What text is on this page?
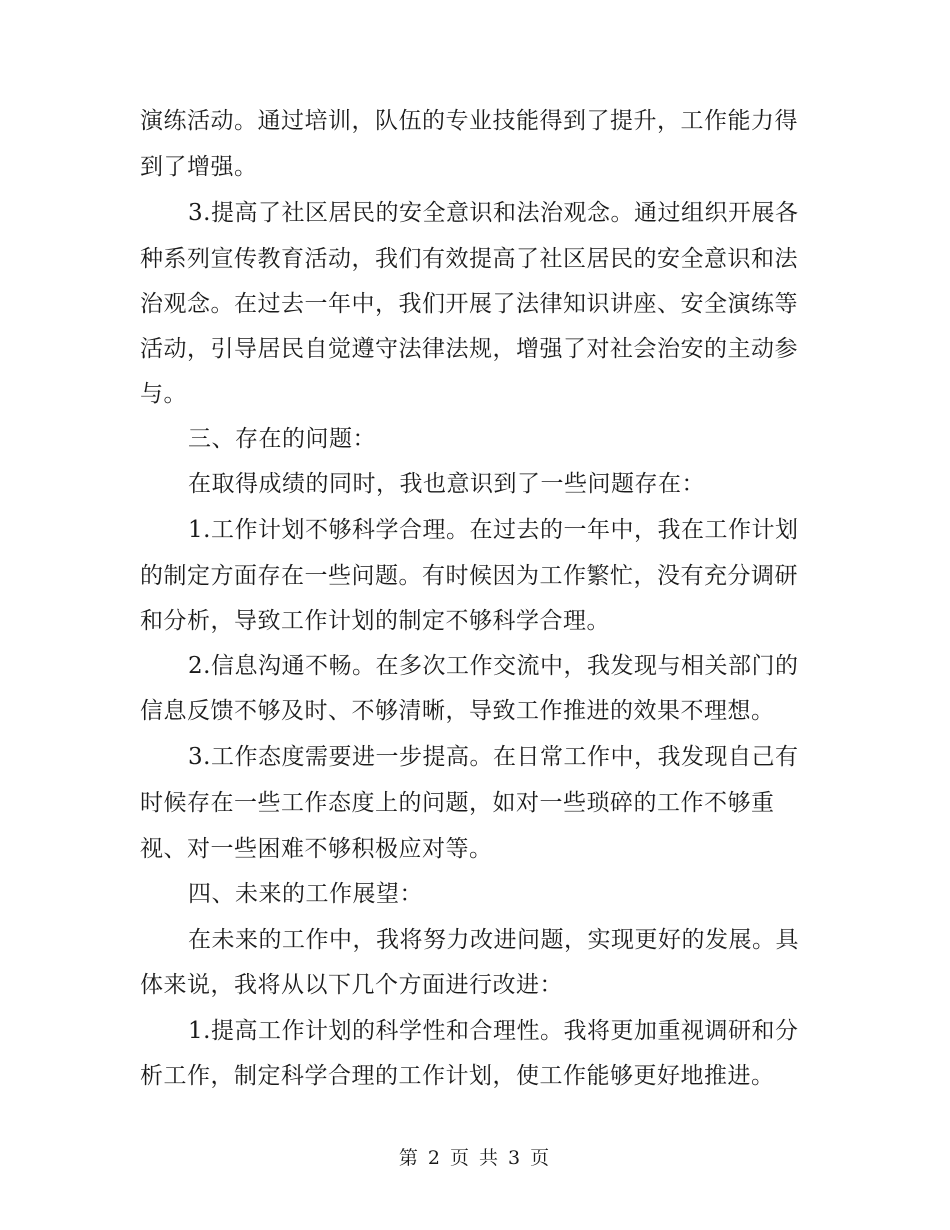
演练活动。通过培训，队伍的专业技能得到了提升，工作能力得
到了增强。
3.提高了社区居民的安全意识和法治观念。通过组织开展各
种系列宣传教育活动，我们有效提高了社区居民的安全意识和法
治观念。在过去一年中，我们开展了法律知识讲座、安全演练等
活动，引导居民自觉遵守法律法规，增强了对社会治安的主动参
与。
三、存在的问题：
在取得成绩的同时，我也意识到了一些问题存在：
1.工作计划不够科学合理。在过去的一年中，我在工作计划
的制定方面存在一些问题。有时候因为工作繁忙，没有充分调研
和分析，导致工作计划的制定不够科学合理。
2.信息沟通不畅。在多次工作交流中，我发现与相关部门的
信息反馈不够及时、不够清晰，导致工作推进的效果不理想。
3.工作态度需要进一步提高。在日常工作中，我发现自己有
时候存在一些工作态度上的问题，如对一些琐碎的工作不够重
视、对一些困难不够积极应对等。
四、未来的工作展望：
在未来的工作中，我将努力改进问题，实现更好的发展。具
体来说，我将从以下几个方面进行改进：
1.提高工作计划的科学性和合理性。我将更加重视调研和分
析工作，制定科学合理的工作计划，使工作能够更好地推进。
第 2 页 共 3 页
